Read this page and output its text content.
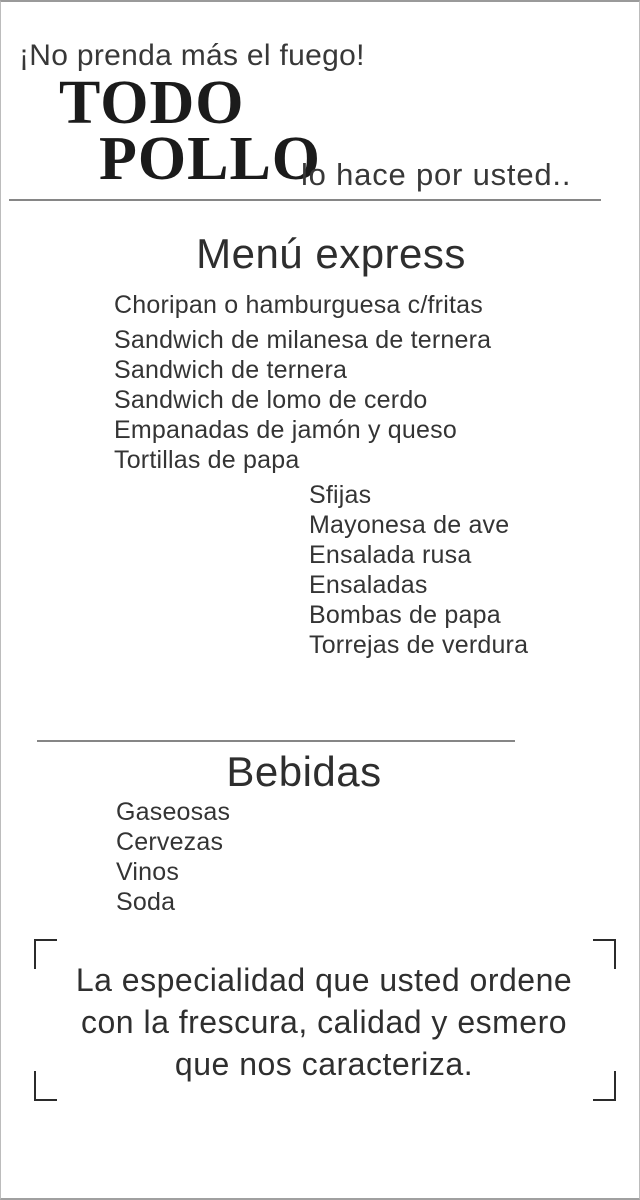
¡No prenda más el fuego!
TODO
POLLO
lo hace por usted..
Menú express
Choripan o hamburguesa c/fritas
Sandwich de milanesa de ternera
Sandwich de ternera
Sandwich de lomo de cerdo
Empanadas de jamón y queso
Tortillas de papa
Sfijas
Mayonesa de ave
Ensalada rusa
Ensaladas
Bombas de papa
Torrejas de verdura
Bebidas
Gaseosas
Cervezas
Vinos
Soda
La especialidad que usted ordene
con la frescura, calidad y esmero
que nos caracteriza.
